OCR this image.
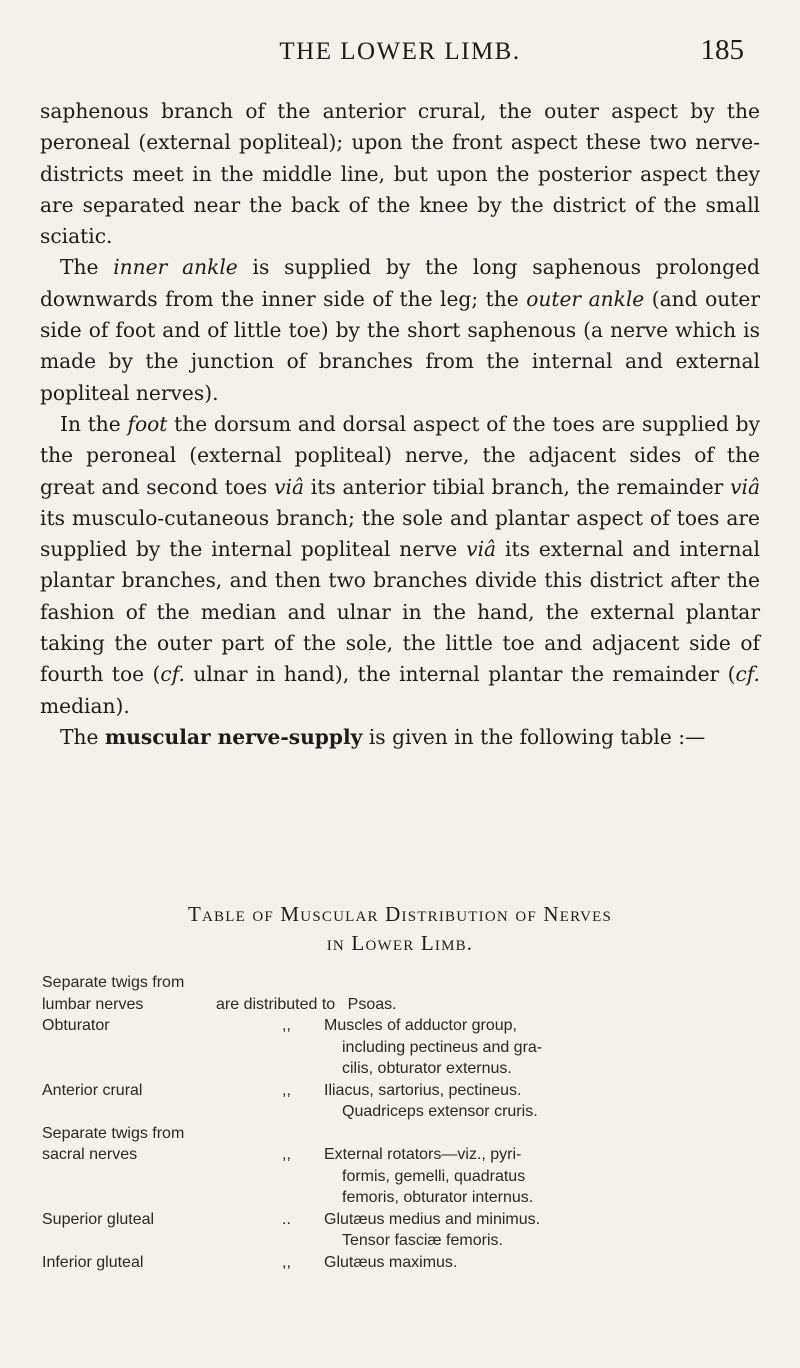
THE LOWER LIMB.	185

saphenous branch of the anterior crural, the outer aspect by the peroneal (external popliteal); upon the front aspect these two nerve-districts meet in the middle line, but upon the posterior aspect they are separated near the back of the knee by the district of the small sciatic.

The inner ankle is supplied by the long saphenous prolonged downwards from the inner side of the leg; the outer ankle (and outer side of foot and of little toe) by the short saphenous (a nerve which is made by the junction of branches from the internal and external popliteal nerves).

In the foot the dorsum and dorsal aspect of the toes are supplied by the peroneal (external popliteal) nerve, the adjacent sides of the great and second toes viâ its anterior tibial branch, the remainder viâ its musculo-cutaneous branch; the sole and plantar aspect of toes are supplied by the internal popliteal nerve viâ its external and internal plantar branches, and then two branches divide this district after the fashion of the median and ulnar in the hand, the external plantar taking the outer part of the sole, the little toe and adjacent side of fourth toe (cf. ulnar in hand), the internal plantar the remainder (cf. median).

The muscular nerve-supply is given in the following table :—

Table of Muscular Distribution of Nerves
in Lower Limb.
Separate twigs from
lumbar nerves	are distributed to Psoas.
Obturator	,, Muscles of adductor group,
including pectineus and gra-
cilis, obturator externus.
Anterior crural	,, Iliacus, sartorius, pectineus.
Quadriceps extensor cruris.
Separate twigs from
sacral nerves	,, External rotators—viz., pyri-
formis, gemelli, quadratus
femoris, obturator internus.
Superior gluteal	.. Glutæus medius and minimus.
Tensor fasciæ femoris.
Inferior gluteal	,, Glutæus maximus.
